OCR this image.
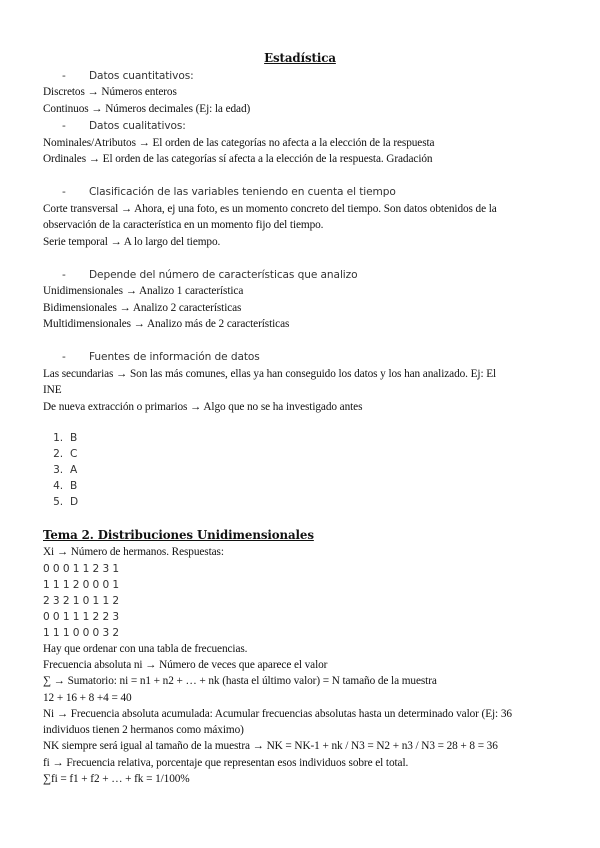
Estadística
- Datos cuantitativos:
Discretos → Números enteros
Continuos → Números decimales (Ej: la edad)
- Datos cualitativos:
Nominales/Atributos → El orden de las categorías no afecta a la elección de la respuesta
Ordinales → El orden de las categorías sí afecta a la elección de la respuesta. Gradación
- Clasificación de las variables teniendo en cuenta el tiempo
Corte transversal → Ahora, ej una foto, es un momento concreto del tiempo. Son datos obtenidos de la
observación de la característica en un momento fijo del tiempo.
Serie temporal → A lo largo del tiempo.
- Depende del número de características que analizo
Unidimensionales → Analizo 1 característica
Bidimensionales → Analizo 2 características
Multidimensionales → Analizo más de 2 características
- Fuentes de información de datos
Las secundarias → Son las más comunes, ellas ya han conseguido los datos y los han analizado. Ej: El
INE
De nueva extracción o primarios → Algo que no se ha investigado antes
1. B
2. C
3. A
4. B
5. D
Tema 2. Distribuciones Unidimensionales
Xi → Número de hermanos. Respuestas:
0 0 0 1 1 2 3 1
1 1 1 2 0 0 0 1
2 3 2 1 0 1 1 2
0 0 1 1 1 2 2 3
1 1 1 0 0 0 3 2
Hay que ordenar con una tabla de frecuencias.
Frecuencia absoluta ni → Número de veces que aparece el valor
∑ → Sumatorio: ni = n1 + n2 + … + nk (hasta el último valor) = N tamaño de la muestra
12 + 16 + 8 +4 = 40
Ni → Frecuencia absoluta acumulada: Acumular frecuencias absolutas hasta un determinado valor (Ej: 36
individuos tienen 2 hermanos como máximo)
NK siempre será igual al tamaño de la muestra → NK = NK-1 + nk / N3 = N2 + n3 / N3 = 28 + 8 = 36
fi → Frecuencia relativa, porcentaje que representan esos individuos sobre el total.
∑fi = f1 + f2 + … + fk = 1/100%
